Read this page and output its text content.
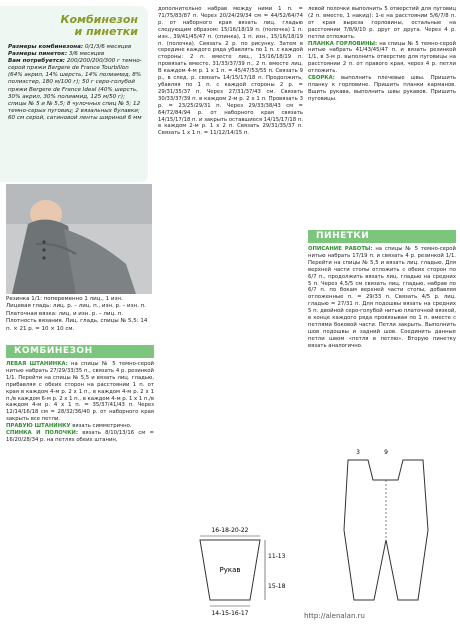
Комбинезон
и пинетки

Размеры комбинезона: 0/1/3/6 месяцев

Размеры пинеток: 3/6 месяцев

Вам потребуется: 200/200/200/300 г темно-серой пряжи Bergere de France Tourbillon (64% акрил, 14% шерсть, 14% полиамид, 8% полиэстер, 180 м/100 г); 50 г серо-голубой пряжи Bergere de France Ideal (40% шерсть, 30% акрил, 30% полиамид, 125 м/50 г); спицы № 5 и № 5,5; 8 чулочных спиц № 5; 12 темно-серых пуговиц; 2 вязальных булавки; 60 см серой, сатиновой ленты шириной 6 мм

Резинка 1/1: попеременно 1 лиц., 1 изн.
Лицевая гладь: лиц. р. – лиц. п., изн. р. – изн. п.
Платочная вязка: лиц. и изн. р. – лиц. п.
Плотность вязания. Лиц. гладь, спицы № 5,5: 14 п. × 21 р. = 10 × 10 см.
КОМБИНЕЗОН

ЛЕВАЯ ШТАНИНКА: на спицы № 5 темно-серой нитью набрать 27/29/33/35 п., связать 4 р. резинкой 1/1. Перейти на спицы № 5,5 и вязать лиц. гладью, прибавляя с обеих сторон на расстоянии 1 п. от края в каждом 4-м р. 2 х 1 п., в каждом 4-м р. 2 х 1 п./в каждом 6-м р. 2 х 1 п., в каждом 4-м р. 1 х 1 п./в каждом 4-м р. 4 х 1 п. = 35/37/41/43 п. Через 12/14/16/18 см = 28/32/36/40 р. от наборного края закрыть все петли.

ПРАВУЮ ШТАНИНКУ вязать симметрично.

СПИНКА И ПОЛОЧКИ: вязать 8/10/13/16 см = 16/20/28/34 р. на петлях обеих штанин,

дополнительно набрав между ними 1 п. = 71/75/83/87 п. Через 20/24/29/34 см = 44/52/64/74 р. от наборного края вязать лиц. гладью следующим образом: 15/16/18/19 п. (полочка) 1 п. изн., 39/41/45/47 п. (спинка), 1 п. изн., 15/16/18/19 п. (полочка). Связать 2 р. по рисунку. Затем в середине каждого ряда убавлять по 1 п. с каждой стороны: 2 п. вместе лиц., 15/16/18/19 п. провязать вместе, 31/33/37/39 п., 2 п. вместе лиц. В каждом 4-м р. 1 х 1 п. = 45/47/53/55 п. Связать 9 р., в след. р. связать 14/15/17/18 п. Продолжить, убавляя по 1 п. с каждой стороны 2 р. = 29/31/35/37 п. Через 27/31/37/43 см. Связать 30/33/37/39 п. в каждом 2-м р. 2 х 1 п. Провязать 3 р. = 23/25/29/31 п. Через 29/33/38/43 см = 64/72/84/94 р. от наборного края связать 14/15/17/18 п. и закрыть оставшиеся 14/15/17/18 п. в каждом 2-м р. 1 х 2 п. Связать 29/31/35/37 п. Связать 1 х 1 п. = 11/12/14/15 п.

левой полочки выполнить 5 отверстий для пуговиц (2 п. вместе, 1 накид): 1-е на расстоянии 5/6/7/8 п. от края выреза горловины, остальные на расстоянии 7/8/9/10 р. друг от друга. Через 4 р. петли отложить.

ПЛАНКА ГОРЛОВИНЫ: на спицы № 5 темно-серой нитью набрать 41/43/45/47 п. и вязать резинкой 1/1, в 3-м р. выполнить отверстие для пуговицы на расстоянии 2 п. от правого края, через 4 р. петли отложить.

СБОРКА: выполнить плечевые швы. Пришить планку к горловине. Пришить планки карманов. Вшить рукава, выполнить швы рукавов. Пришить пуговицы.

ПИНЕТКИ

ОПИСАНИЕ РАБОТЫ: на спицы № 5 темно-серой нитью набрать 17/19 п. и связать 4 р. резинкой 1/1. Перейти на спицы № 5,5 и вязать лиц. гладью. Для верхней части стопы отложить с обеих сторон по 6/7 п., продолжить вязать лиц. гладью на средних 5 п. Через 4,5/5 см связать лиц. гладью, набрав по 6/7 п. по бокам верхней части стопы, добавляя отложенные п. = 29/33 п. Связать 4/5 р. лиц. гладью = 27/31 п. Для подошвы вязать на средних 5 п. двойной серо-голубой нитью платочной вязкой, в конце каждого ряда провязывая по 1 п. вместе с петлями боковой части. Петли закрыть. Выполнить шов подошвы и задний шов. Соединить данные петли швом «петля в петлю». Вторую пинетку вязать аналогично.

16-18-20-22
Рукав
11-13
15-18
14-15-16-17
3	9
http://alenalan.ru
